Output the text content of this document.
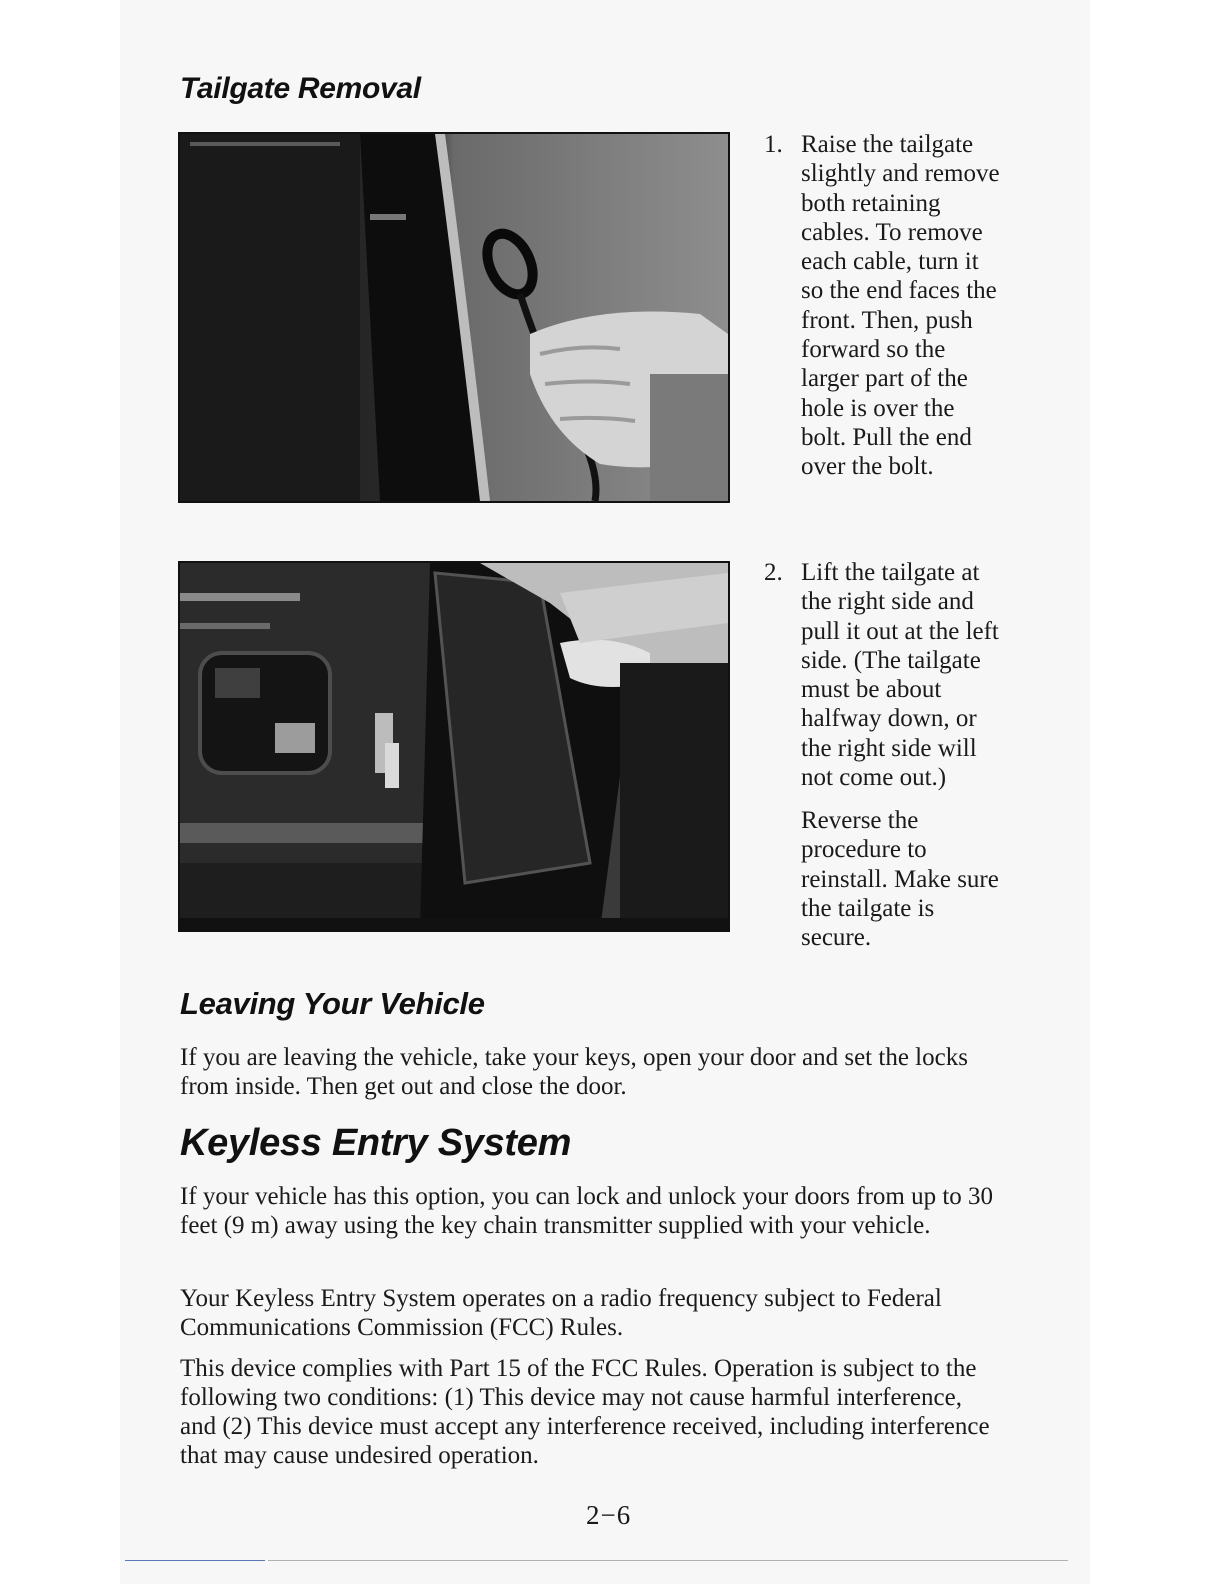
Tailgate Removal
1. Raise the tailgate slightly and remove both retaining cables. To remove each cable, turn it so the end faces the front. Then, push forward so the larger part of the hole is over the bolt. Pull the end over the bolt.
2. Lift the tailgate at the right side and pull it out at the left side. (The tailgate must be about halfway down, or the right side will not come out.)
Reverse the procedure to reinstall. Make sure the tailgate is secure.
Leaving Your Vehicle

If you are leaving the vehicle, take your keys, open your door and set the locks from inside. Then get out and close the door.

Keyless Entry System

If your vehicle has this option, you can lock and unlock your doors from up to 30 feet (9 m) away using the key chain transmitter supplied with your vehicle.

Your Keyless Entry System operates on a radio frequency subject to Federal Communications Commission (FCC) Rules.

This device complies with Part 15 of the FCC Rules. Operation is subject to the following two conditions: (1) This device may not cause harmful interference, and (2) This device must accept any interference received, including interference that may cause undesired operation.

2−6
